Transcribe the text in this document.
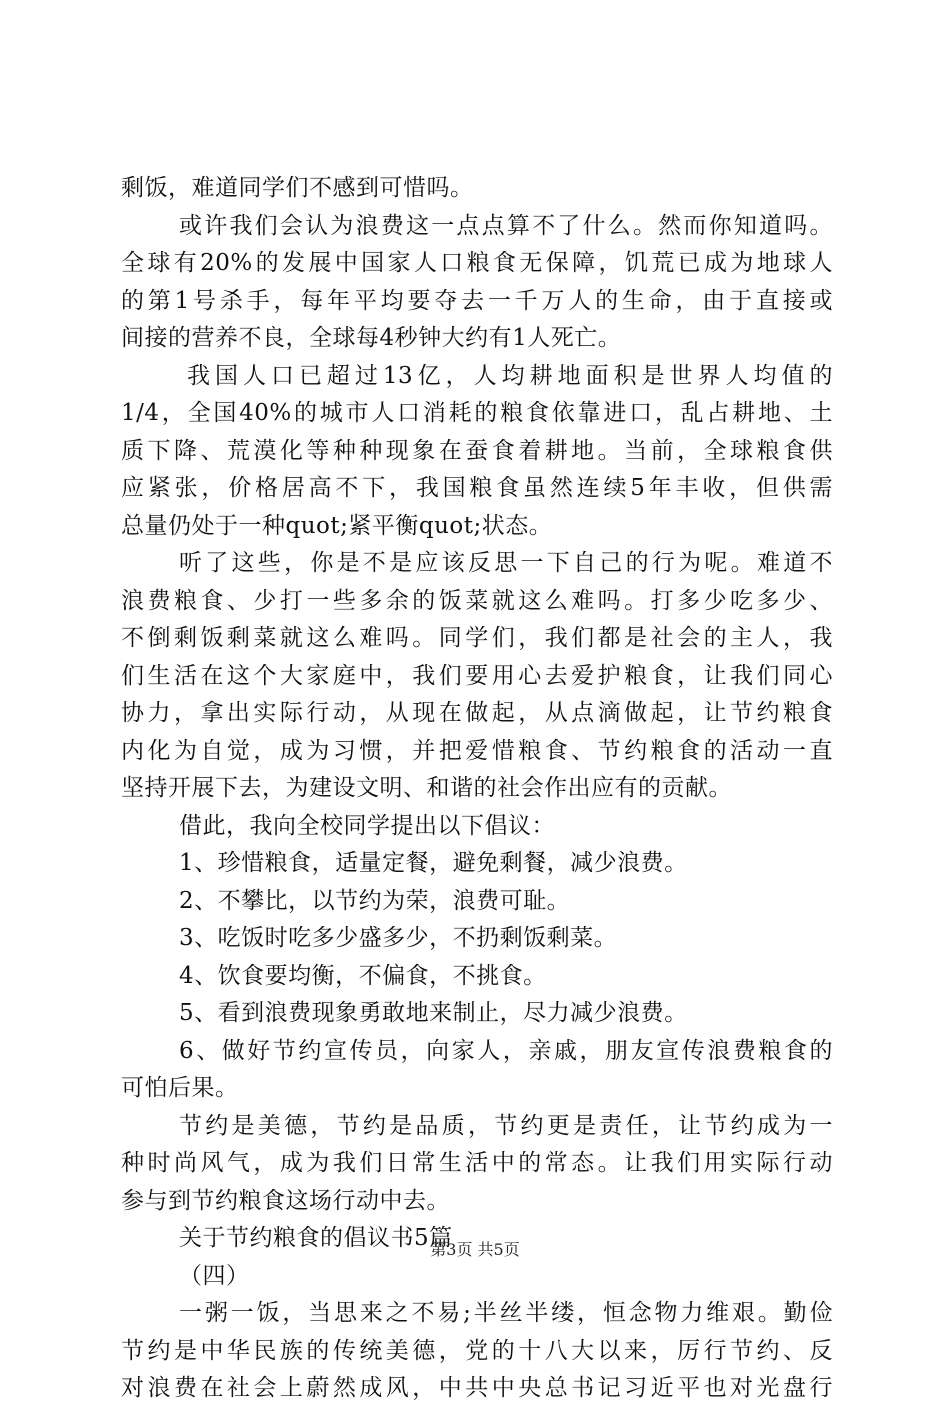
剩饭，难道同学们不感到可惜吗。
或许我们会认为浪费这一点点算不了什么。然而你知道吗。
全球有20%的发展中国家人口粮食无保障，饥荒已成为地球人
的第1号杀手，每年平均要夺去一千万人的生命，由于直接或
间接的营养不良，全球每4秒钟大约有1人死亡。
我国人口已超过13亿，人均耕地面积是世界人均值的
1/4，全国40%的城市人口消耗的粮食依靠进口，乱占耕地、土
质下降、荒漠化等种种现象在蚕食着耕地。当前，全球粮食供
应紧张，价格居高不下，我国粮食虽然连续5年丰收，但供需
总量仍处于一种quot;紧平衡quot;状态。
听了这些，你是不是应该反思一下自己的行为呢。难道不
浪费粮食、少打一些多余的饭菜就这么难吗。打多少吃多少、
不倒剩饭剩菜就这么难吗。同学们，我们都是社会的主人，我
们生活在这个大家庭中，我们要用心去爱护粮食，让我们同心
协力，拿出实际行动，从现在做起，从点滴做起，让节约粮食
内化为自觉，成为习惯，并把爱惜粮食、节约粮食的活动一直
坚持开展下去，为建设文明、和谐的社会作出应有的贡献。
借此，我向全校同学提出以下倡议：
1、珍惜粮食，适量定餐，避免剩餐，减少浪费。
2、不攀比，以节约为荣，浪费可耻。
3、吃饭时吃多少盛多少，不扔剩饭剩菜。
4、饮食要均衡，不偏食，不挑食。
5、看到浪费现象勇敢地来制止，尽力减少浪费。
6、做好节约宣传员，向家人，亲戚，朋友宣传浪费粮食的
可怕后果。
节约是美德，节约是品质，节约更是责任，让节约成为一
种时尚风气，成为我们日常生活中的常态。让我们用实际行动
参与到节约粮食这场行动中去。
关于节约粮食的倡议书5篇
（四）
一粥一饭，当思来之不易;半丝半缕，恒念物力维艰。勤俭
节约是中华民族的传统美德，党的十八大以来，厉行节约、反
对浪费在社会上蔚然成风，中共中央总书记习近平也对光盘行
第3页 共5页
